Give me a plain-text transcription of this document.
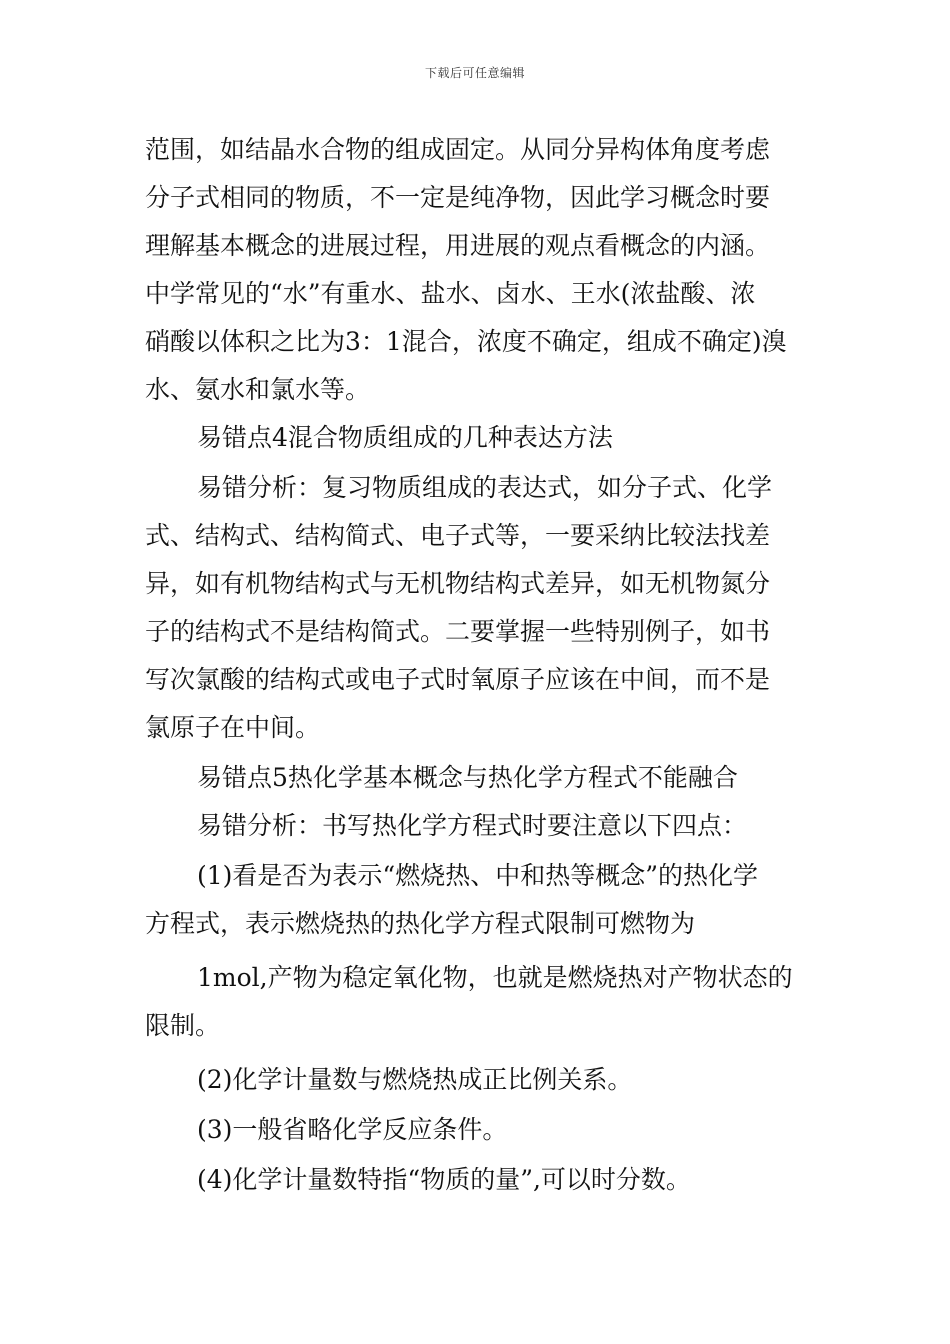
下载后可任意编辑
范围，如结晶水合物的组成固定。从同分异构体角度考虑
分子式相同的物质，不一定是纯净物，因此学习概念时要
理解基本概念的进展过程，用进展的观点看概念的内涵。
中学常见的“水”有重水、盐水、卤水、王水(浓盐酸、浓
硝酸以体积之比为3：1混合，浓度不确定，组成不确定)溴
水、氨水和氯水等。
易错点4混合物质组成的几种表达方法
易错分析：复习物质组成的表达式，如分子式、化学
式、结构式、结构简式、电子式等，一要采纳比较法找差
异，如有机物结构式与无机物结构式差异，如无机物氮分
子的结构式不是结构简式。二要掌握一些特别例子，如书
写次氯酸的结构式或电子式时氧原子应该在中间，而不是
氯原子在中间。
易错点5热化学基本概念与热化学方程式不能融合
易错分析：书写热化学方程式时要注意以下四点：
(1)看是否为表示“燃烧热、中和热等概念”的热化学
方程式，表示燃烧热的热化学方程式限制可燃物为
1mol,产物为稳定氧化物，也就是燃烧热对产物状态的
限制。
(2)化学计量数与燃烧热成正比例关系。
(3)一般省略化学反应条件。
(4)化学计量数特指“物质的量”,可以时分数。
